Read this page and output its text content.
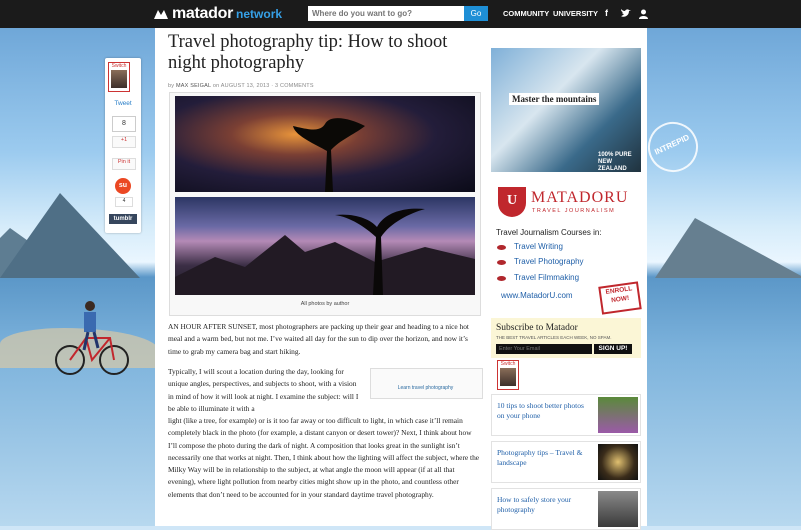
INTREPID
matador network
Where do you want to go?	Go	COMMUNITY UNIVERSITY f
Travel photography tip: How to shoot night photography
by MAX SEIGAL on AUGUST 13, 2013 · 3 COMMENTS
All photos by author

AN HOUR AFTER SUNSET, most photographers are packing up their gear and heading to a nice hot meal and a warm bed, but not me. I’ve waited all day for the sun to dip over the horizon, and now it’s time to grab my camera bag and start hiking.

Typically, I will scout a location during the day, looking for unique angles, perspectives, and subjects to shoot, with a vision in mind of how it will look at night. I examine the subject: will I be able to illuminate it with a

light (like a tree, for example) or is it too far away or too difficult to light, in which case it’ll remain completely black in the photo (for example, a distant canyon or desert tower)? Next, I think about how I’ll compose the photo during the dark of night. A composition that looks great in the sunlight isn’t necessarily one that works at night. Then, I think about how the lighting will affect the subject, where the Milky Way will be in relationship to the subject, at what angle the moon will appear (if at all that evening), where light pollution from nearby cities might show up in the photo, and countless other elements that don’t need to be accounted for in your standard daytime travel photography.

Learn travel photography
Switch
Tweet
8
+1
Pin it
su
4
tumblr
Master the mountains
100% PURE NEW ZEALAND
U MATADORU
TRAVEL JOURNALISM
Travel Journalism Courses in:
Travel Writing
Travel Photography
Travel Filmmaking
www.MatadorU.com	ENROLL NOW!
Subscribe to Matador
THE BEST TRAVEL ARTICLES EACH WEEK, NO SPAM.
Enter Your Email
SIGN UP!
Switch
10 tips to shoot better photos on your phone
Photography tips – Travel & landscape
How to safely store your photography
